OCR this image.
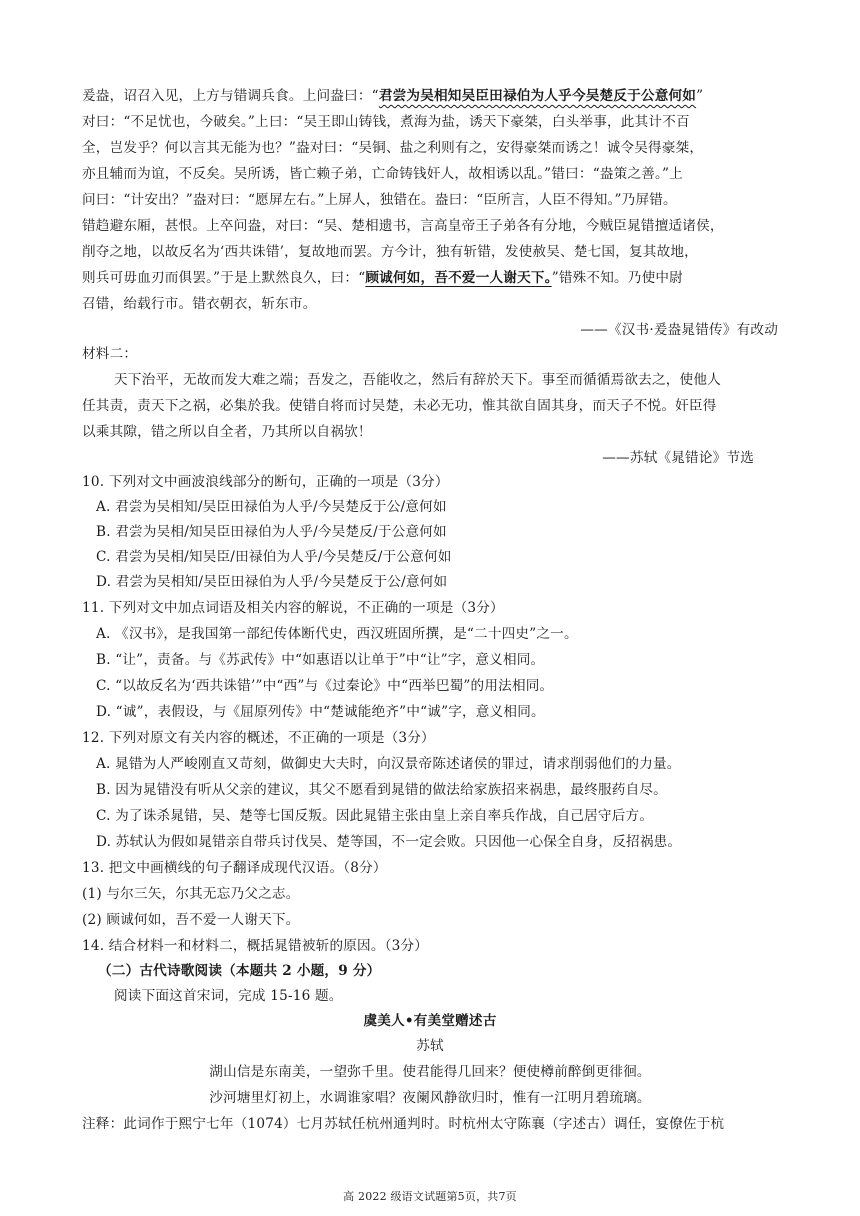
爰盎，诏召入见，上方与错调兵食。上问盎曰：“君尝为吴相知吴臣田禄伯为人乎今吴楚反于公意何如”
对曰：“不足忧也，今破矣。”上曰：“吴王即山铸钱，煮海为盐，诱天下豪桀，白头举事，此其计不百
全，岂发乎？何以言其无能为也？”盎对曰：“吴铜、盐之利则有之，安得豪桀而诱之！诚令吴得豪桀，
亦且辅而为谊，不反矣。吴所诱，皆亡赖子弟，亡命铸钱奸人，故相诱以乱。”错曰：“盎策之善。”上
问曰：“计安出？”盎对曰：“愿屏左右。”上屏人，独错在。盎曰：“臣所言，人臣不得知。”乃屏错。
错趋避东厢，甚恨。上卒问盎，对曰：“吴、楚相遗书，言高皇帝王子弟各有分地，今贼臣晁错擅适诸侯，
削夺之地，以故反名为‘西共诛错’，复故地而罢。方今计，独有斩错，发使赦吴、楚七国，复其故地，
则兵可毋血刃而俱罢。”于是上默然良久，曰：“顾诚何如，吾不爱一人谢天下。”错殊不知。乃使中尉
召错，绐载行市。错衣朝衣，斩东市。
——《汉书·爰盎晁错传》有改动
材料二：
天下治平，无故而发大难之端；吾发之，吾能收之，然后有辞於天下。事至而循循焉欲去之，使他人
任其责，责天下之祸，必集於我。使错自将而讨吴楚，未必无功，惟其欲自固其身，而天子不悦。奸臣得
以乘其隙，错之所以自全者，乃其所以自祸欤！
——苏轼《晁错论》节选
10. 下列对文中画波浪线部分的断句，正确的一项是（3分）
A. 君尝为吴相知/吴臣田禄伯为人乎/今吴楚反于公/意何如
B. 君尝为吴相/知吴臣田禄伯为人乎/今吴楚反/于公意何如
C. 君尝为吴相/知吴臣/田禄伯为人乎/今吴楚反/于公意何如
D. 君尝为吴相知/吴臣田禄伯为人乎/今吴楚反于公/意何如
11. 下列对文中加点词语及相关内容的解说，不正确的一项是（3分）
A. 《汉书》，是我国第一部纪传体断代史，西汉班固所撰，是“二十四史”之一。
B. “让”，责备。与《苏武传》中“如惠语以让单于”中“让”字，意义相同。
C. “以故反名为‘西共诛错’”中“西”与《过秦论》中“西举巴蜀”的用法相同。
D. “诚”，表假设，与《屈原列传》中“楚诚能绝齐”中“诚”字，意义相同。
12. 下列对原文有关内容的概述，不正确的一项是（3分）
A. 晁错为人严峻刚直又苛刻，做御史大夫时，向汉景帝陈述诸侯的罪过，请求削弱他们的力量。
B. 因为晁错没有听从父亲的建议，其父不愿看到晁错的做法给家族招来祸患，最终服药自尽。
C. 为了诛杀晁错，吴、楚等七国反叛。因此晁错主张由皇上亲自率兵作战，自己居守后方。
D. 苏轼认为假如晁错亲自带兵讨伐吴、楚等国，不一定会败。只因他一心保全自身，反招祸患。
13. 把文中画横线的句子翻译成现代汉语。（8分）
(1) 与尔三矢，尔其无忘乃父之志。
(2) 顾诚何如，吾不爱一人谢天下。
14. 结合材料一和材料二，概括晁错被斩的原因。（3分）
（二）古代诗歌阅读（本题共 2 小题，9 分）
阅读下面这首宋词，完成 15-16 题。
虞美人•有美堂赠述古
苏轼
湖山信是东南美，一望弥千里。使君能得几回来？便使樽前醉倒更徘徊。
沙河塘里灯初上，水调谁家唱？夜阑风静欲归时，惟有一江明月碧琉璃。
注释：此词作于熙宁七年（1074）七月苏轼任杭州通判时。时杭州太守陈襄（字述古）调任，宴僚佐于杭
高 2022 级语文试题第5页，共7页
